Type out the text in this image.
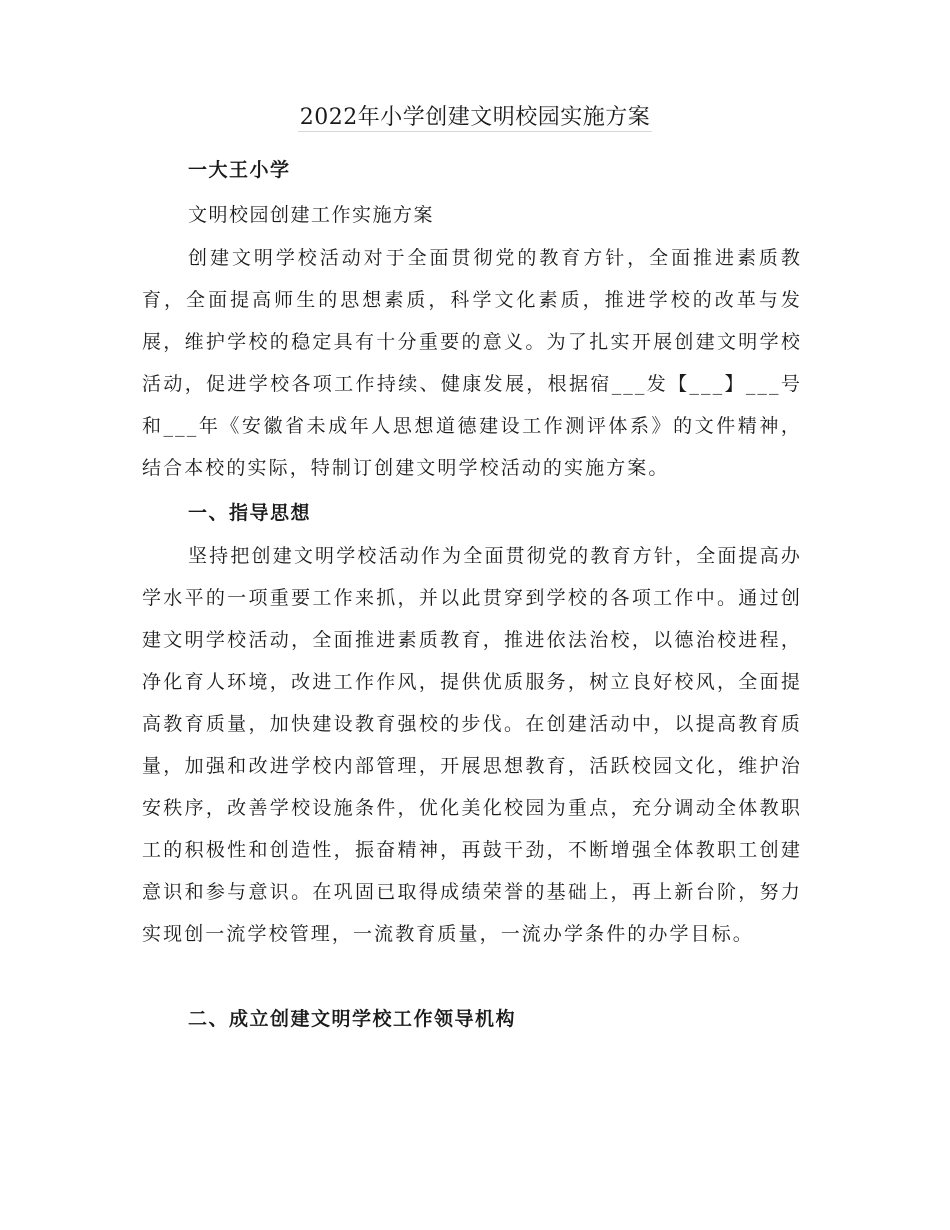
2022年小学创建文明校园实施方案

一大王小学

文明校园创建工作实施方案

创建文明学校活动对于全面贯彻党的教育方针，全面推进素质教育，全面提高师生的思想素质，科学文化素质，推进学校的改革与发展，维护学校的稳定具有十分重要的意义。为了扎实开展创建文明学校活动，促进学校各项工作持续、健康发展，根据宿___发【___】___号和___年《安徽省未成年人思想道德建设工作测评体系》的文件精神，结合本校的实际，特制订创建文明学校活动的实施方案。

一、指导思想

坚持把创建文明学校活动作为全面贯彻党的教育方针，全面提高办学水平的一项重要工作来抓，并以此贯穿到学校的各项工作中。通过创建文明学校活动，全面推进素质教育，推进依法治校，以德治校进程，净化育人环境，改进工作作风，提供优质服务，树立良好校风，全面提高教育质量，加快建设教育强校的步伐。在创建活动中，以提高教育质量，加强和改进学校内部管理，开展思想教育，活跃校园文化，维护治安秩序，改善学校设施条件，优化美化校园为重点，充分调动全体教职工的积极性和创造性，振奋精神，再鼓干劲，不断增强全体教职工创建意识和参与意识。在巩固已取得成绩荣誉的基础上，再上新台阶，努力实现创一流学校管理，一流教育质量，一流办学条件的办学目标。

二、成立创建文明学校工作领导机构
